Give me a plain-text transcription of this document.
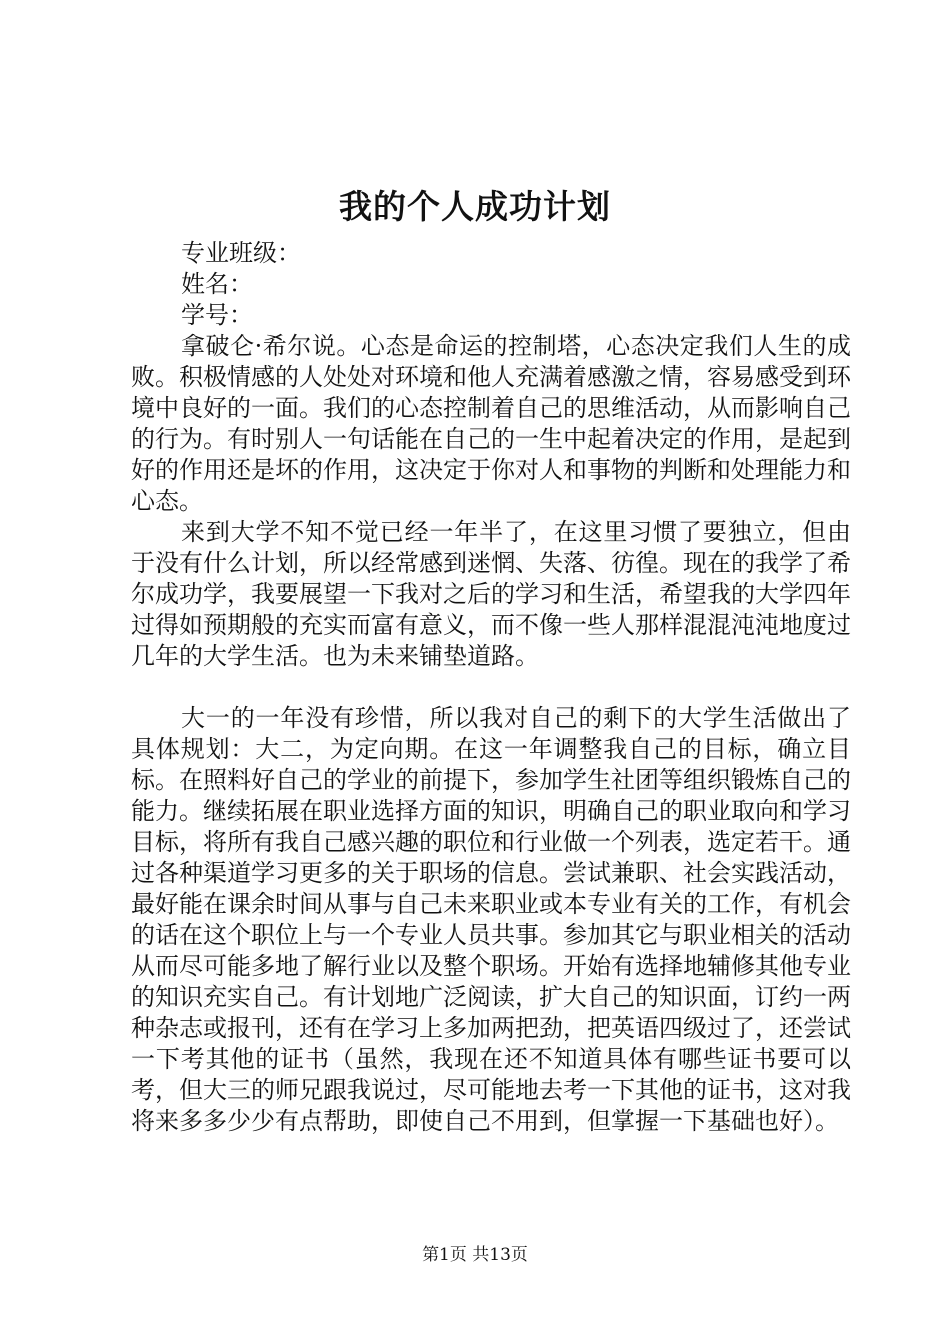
我的个人成功计划

专业班级：

姓名：

学号：

拿破仑·希尔说。心态是命运的控制塔，心态决定我们人生的成败。积极情感的人处处对环境和他人充满着感激之情，容易感受到环境中良好的一面。我们的心态控制着自己的思维活动，从而影响自己的行为。有时别人一句话能在自己的一生中起着决定的作用，是起到好的作用还是坏的作用，这决定于你对人和事物的判断和处理能力和心态。

来到大学不知不觉已经一年半了，在这里习惯了要独立，但由于没有什么计划，所以经常感到迷惘、失落、彷徨。现在的我学了希尔成功学，我要展望一下我对之后的学习和生活，希望我的大学四年过得如预期般的充实而富有意义，而不像一些人那样混混沌沌地度过几年的大学生活。也为未来铺垫道路。

大一的一年没有珍惜，所以我对自己的剩下的大学生活做出了具体规划：大二，为定向期。在这一年调整我自己的目标，确立目标。在照料好自己的学业的前提下，参加学生社团等组织锻炼自己的能力。继续拓展在职业选择方面的知识，明确自己的职业取向和学习目标，将所有我自己感兴趣的职位和行业做一个列表，选定若干。通过各种渠道学习更多的关于职场的信息。尝试兼职、社会实践活动，最好能在课余时间从事与自己未来职业或本专业有关的工作，有机会的话在这个职位上与一个专业人员共事。参加其它与职业相关的活动从而尽可能多地了解行业以及整个职场。开始有选择地辅修其他专业的知识充实自己。有计划地广泛阅读，扩大自己的知识面，订约一两种杂志或报刊，还有在学习上多加两把劲，把英语四级过了，还尝试一下考其他的证书（虽然，我现在还不知道具体有哪些证书要可以考，但大三的师兄跟我说过，尽可能地去考一下其他的证书，这对我将来多多少少有点帮助，即使自己不用到，但掌握一下基础也好）。

第1页 共13页
